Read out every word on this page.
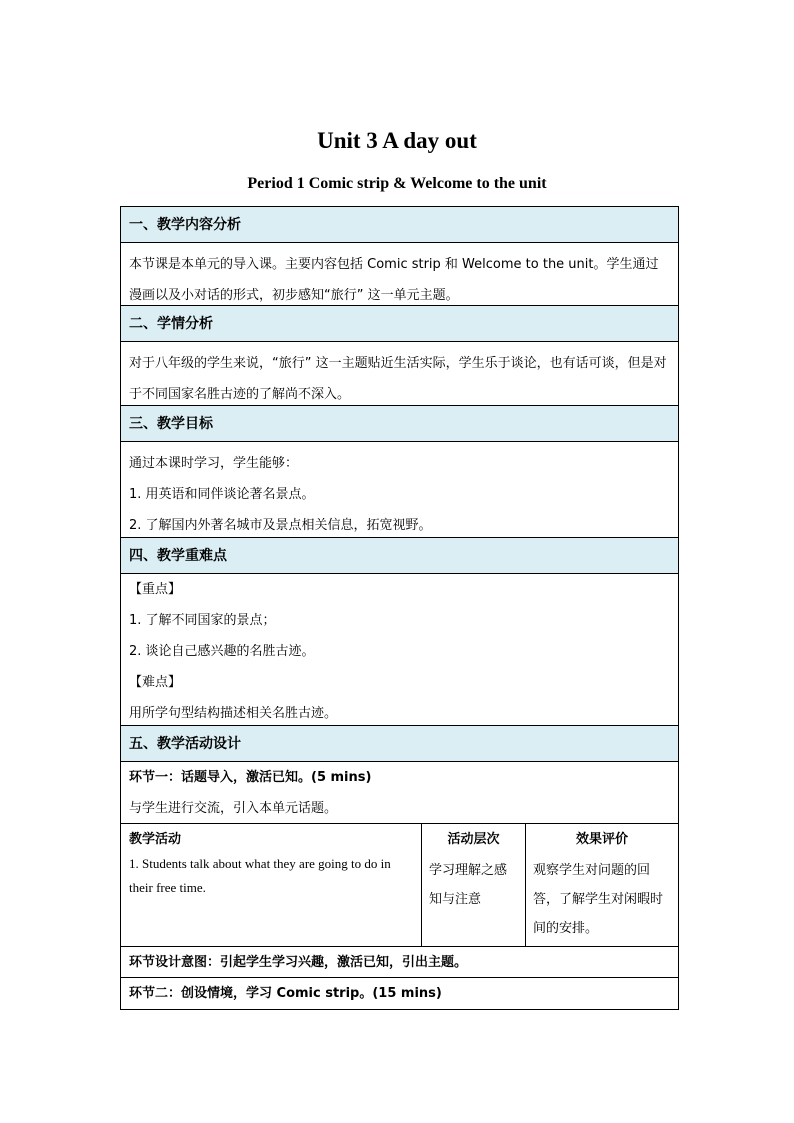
Unit 3 A day out
Period 1 Comic strip & Welcome to the unit
一、教学内容分析
本节课是本单元的导入课。主要内容包括 Comic strip 和 Welcome to the unit。学生通过漫画以及小对话的形式，初步感知“旅行” 这一单元主题。
二、学情分析
对于八年级的学生来说，“旅行” 这一主题贴近生活实际，学生乐于谈论，也有话可谈，但是对于不同国家名胜古迹的了解尚不深入。
三、教学目标
通过本课时学习，学生能够：
1. 用英语和同伴谈论著名景点。
2. 了解国内外著名城市及景点相关信息，拓宽视野。
四、教学重难点
【重点】
1. 了解不同国家的景点；
2. 谈论自己感兴趣的名胜古迹。
【难点】
用所学句型结构描述相关名胜古迹。
五、教学活动设计
环节一：话题导入，激活已知。(5 mins)
与学生进行交流，引入本单元话题。
教学活动
1. Students talk about what they are going to do in their free time.
活动层次
学习理解之感知与注意
效果评价
观察学生对问题的回答，了解学生对闲暇时间的安排。
环节设计意图：引起学生学习兴趣，激活已知，引出主题。
环节二：创设情境，学习 Comic strip。(15 mins)
